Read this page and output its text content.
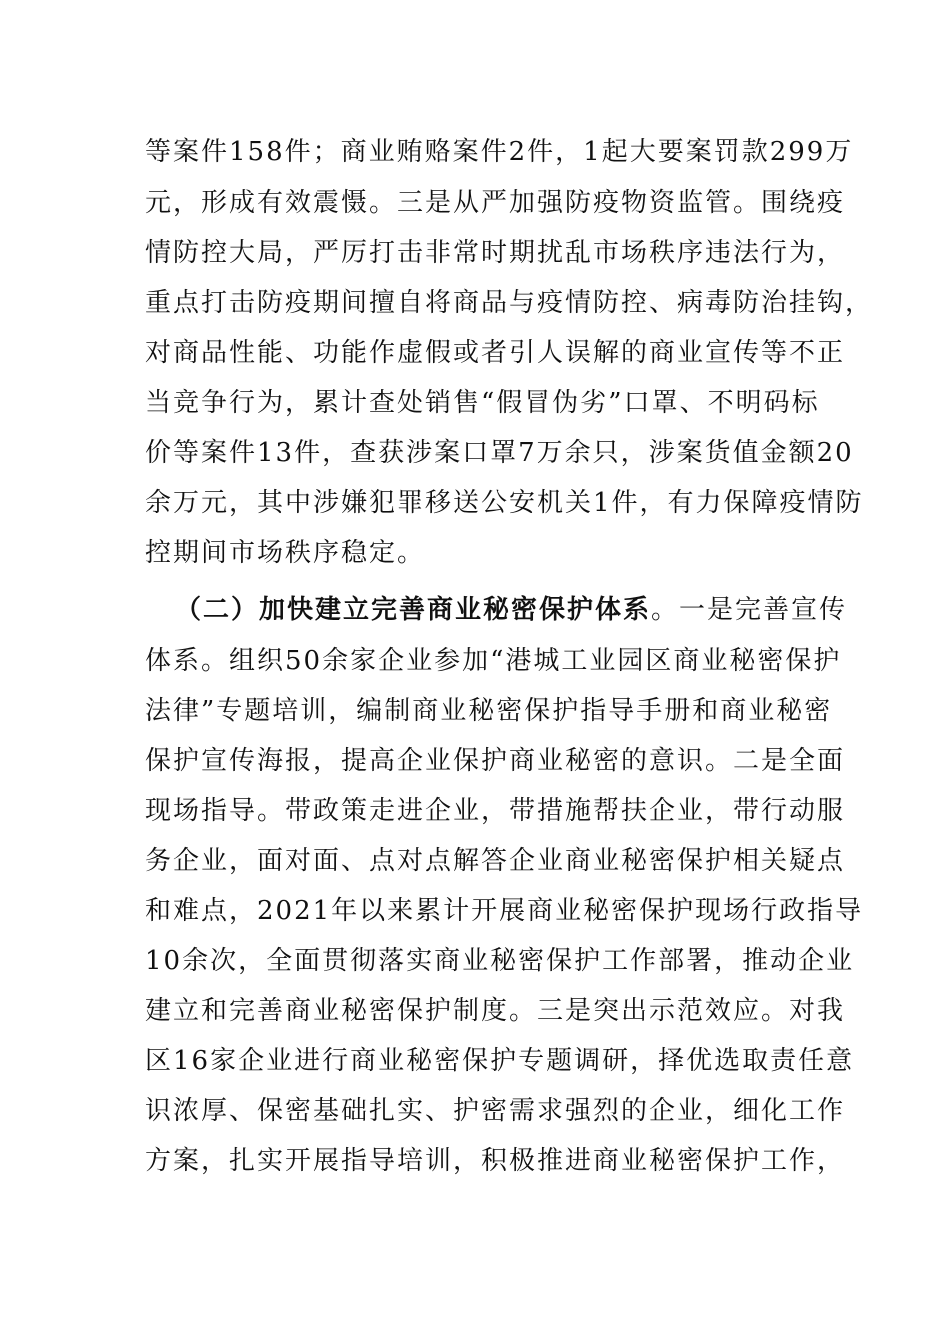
等案件158件；商业贿赂案件2件，1起大要案罚款299万
元，形成有效震慑。三是从严加强防疫物资监管。围绕疫
情防控大局，严厉打击非常时期扰乱市场秩序违法行为，
重点打击防疫期间擅自将商品与疫情防控、病毒防治挂钩，
对商品性能、功能作虚假或者引人误解的商业宣传等不正
当竞争行为，累计查处销售“假冒伪劣”口罩、不明码标
价等案件13件，查获涉案口罩7万余只，涉案货值金额20
余万元，其中涉嫌犯罪移送公安机关1件，有力保障疫情防
控期间市场秩序稳定。
（二）加快建立完善商业秘密保护体系。一是完善宣传
体系。组织50余家企业参加“港城工业园区商业秘密保护
法律”专题培训，编制商业秘密保护指导手册和商业秘密
保护宣传海报，提高企业保护商业秘密的意识。二是全面
现场指导。带政策走进企业，带措施帮扶企业，带行动服
务企业，面对面、点对点解答企业商业秘密保护相关疑点
和难点，2021年以来累计开展商业秘密保护现场行政指导
10余次，全面贯彻落实商业秘密保护工作部署，推动企业
建立和完善商业秘密保护制度。三是突出示范效应。对我
区16家企业进行商业秘密保护专题调研，择优选取责任意
识浓厚、保密基础扎实、护密需求强烈的企业，细化工作
方案，扎实开展指导培训，积极推进商业秘密保护工作，
